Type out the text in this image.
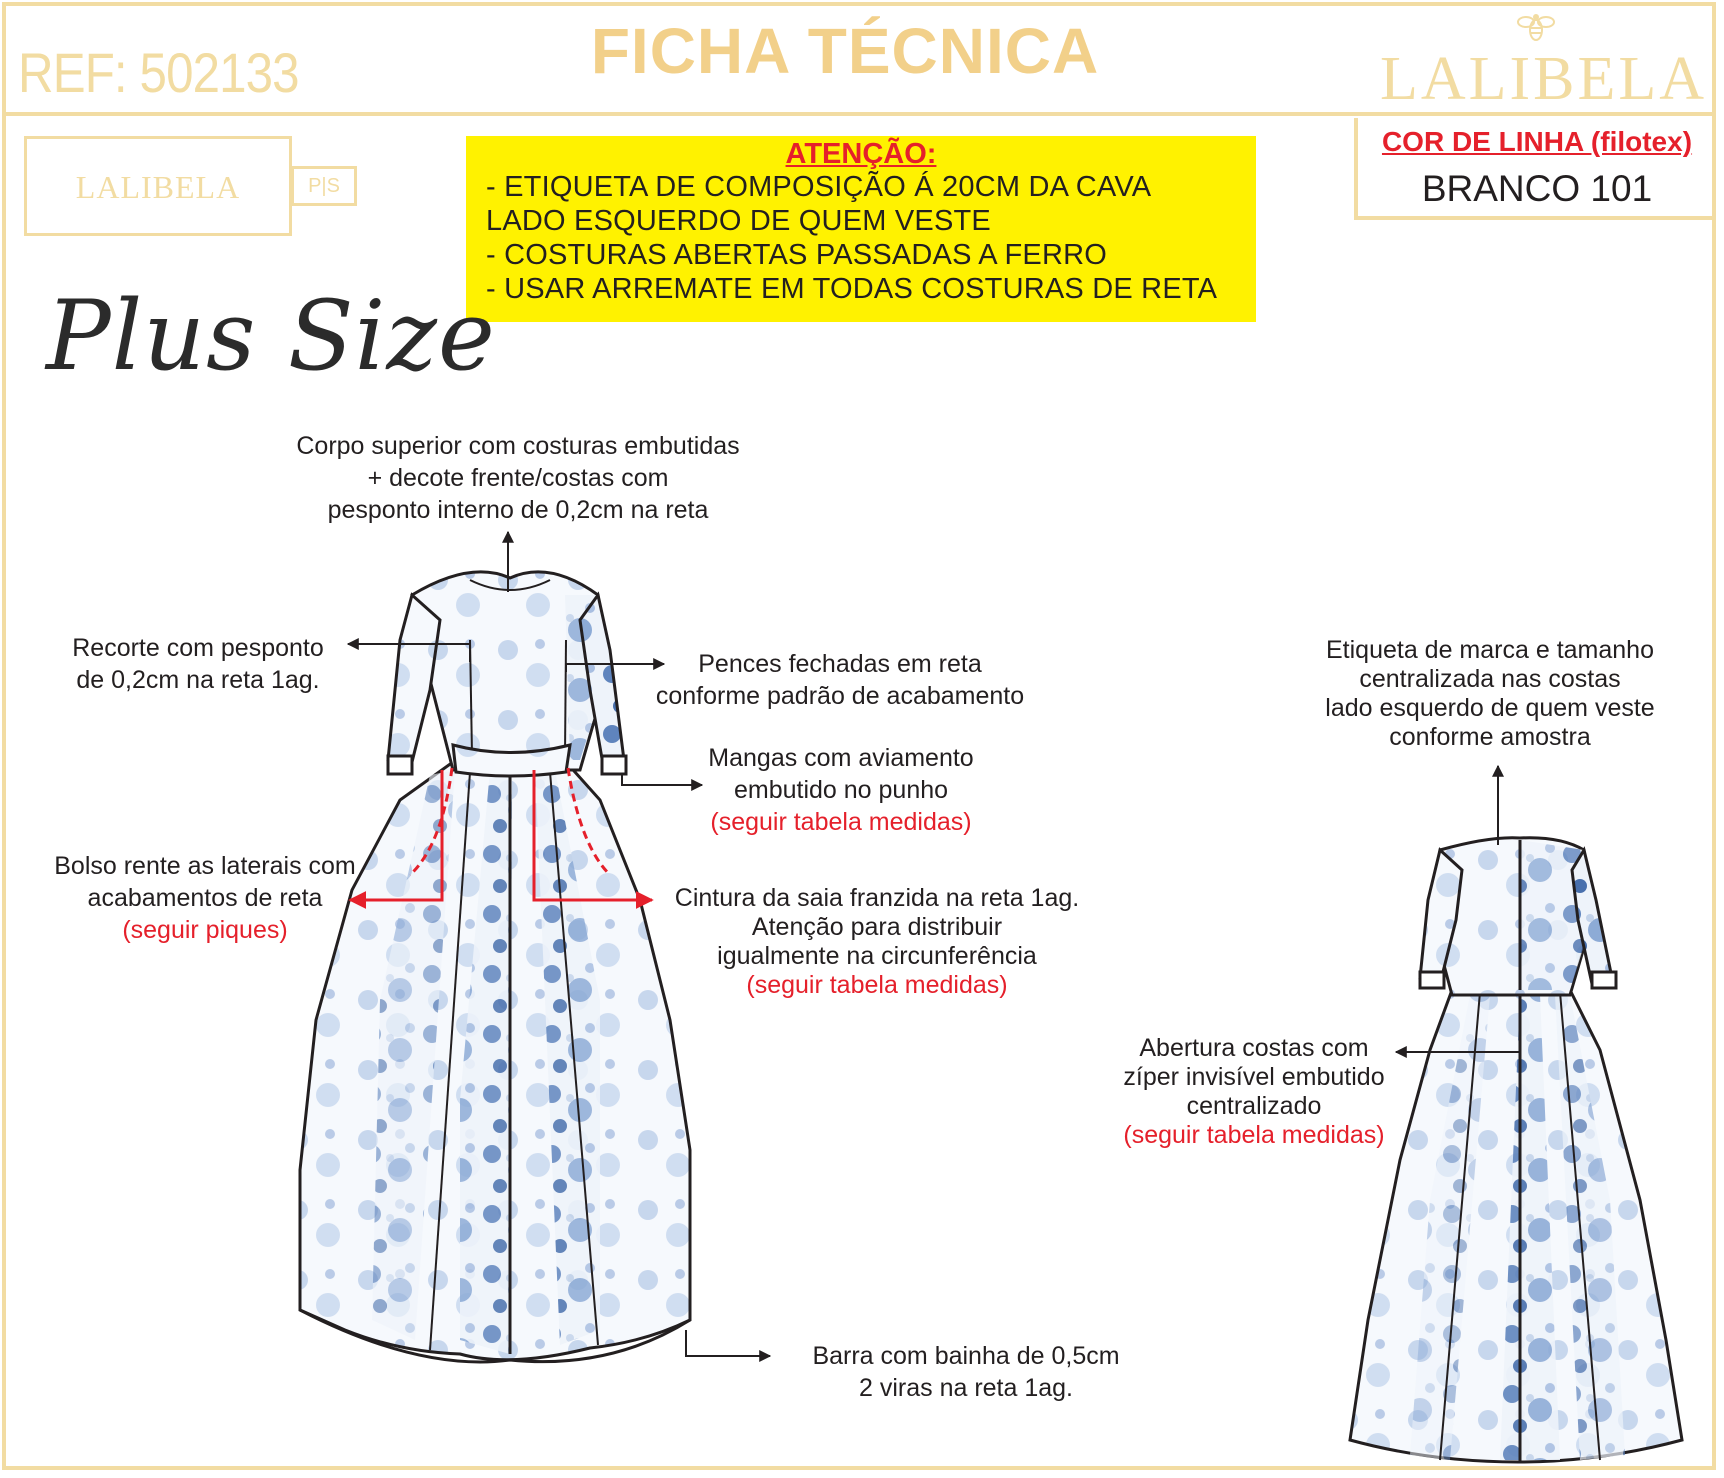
REF: 502133	FICHA TÉCNICA	LALIBELA
LALIBELA	P|S
ATENÇÃO:
- ETIQUETA DE COMPOSIÇÃO Á 20CM DA CAVA
LADO ESQUERDO DE QUEM VESTE
- COSTURAS ABERTAS PASSADAS A FERRO
- USAR ARREMATE EM TODAS COSTURAS DE RETA
COR DE LINHA (filotex)
BRANCO 101
Plus Size
Corpo superior com costuras embutidas
+ decote frente/costas com
pesponto interno de 0,2cm na reta
Recorte com pesponto
de 0,2cm na reta 1ag.
Pences fechadas em reta
conforme padrão de acabamento
Mangas com aviamento
embutido no punho
(seguir tabela medidas)
Bolso rente as laterais com
acabamentos de reta
(seguir piques)
Cintura da saia franzida na reta 1ag.
Atenção para distribuir
igualmente na circunferência
(seguir tabela medidas)
Barra com bainha de 0,5cm
2 viras na reta 1ag.
Etiqueta de marca e tamanho
centralizada nas costas
lado esquerdo de quem veste
conforme amostra
Abertura costas com
zíper invisível embutido
centralizado
(seguir tabela medidas)
